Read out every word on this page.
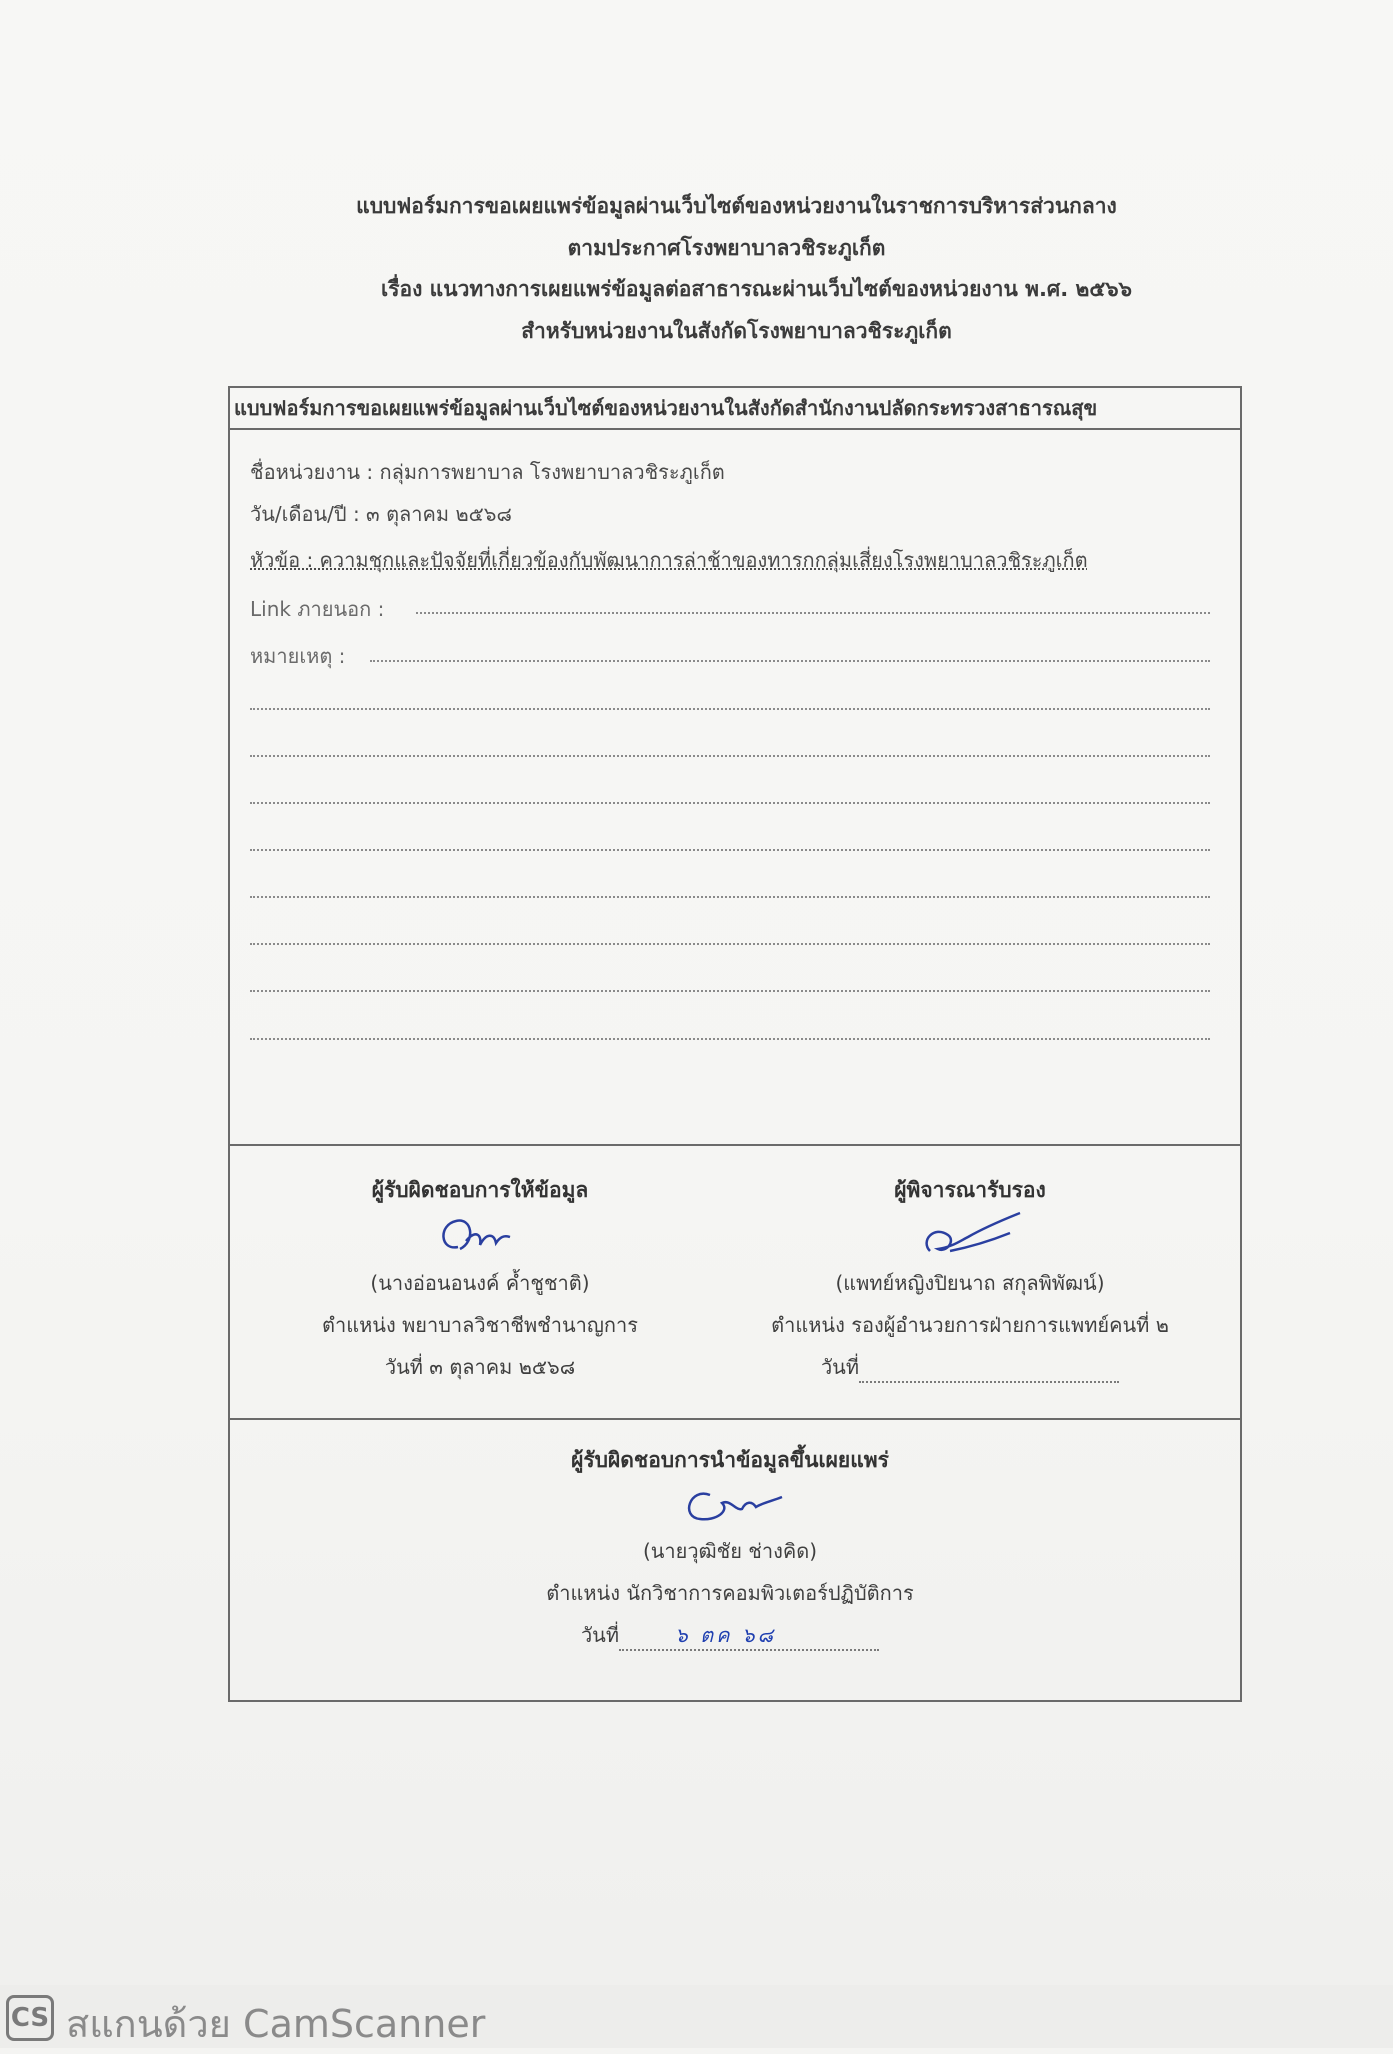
แบบฟอร์มการขอเผยแพร่ข้อมูลผ่านเว็บไซต์ของหน่วยงานในราชการบริหารส่วนกลาง
ตามประกาศโรงพยาบาลวชิระภูเก็ต
เรื่อง แนวทางการเผยแพร่ข้อมูลต่อสาธารณะผ่านเว็บไซต์ของหน่วยงาน พ.ศ. ๒๕๖๖
สำหรับหน่วยงานในสังกัดโรงพยาบาลวชิระภูเก็ต
แบบฟอร์มการขอเผยแพร่ข้อมูลผ่านเว็บไซต์ของหน่วยงานในสังกัดสำนักงานปลัดกระทรวงสาธารณสุข
ชื่อหน่วยงาน : กลุ่มการพยาบาล โรงพยาบาลวชิระภูเก็ต
วัน/เดือน/ปี : ๓ ตุลาคม ๒๕๖๘
หัวข้อ : ความชุกและปัจจัยที่เกี่ยวข้องกับพัฒนาการล่าช้าของทารกกลุ่มเสี่ยงโรงพยาบาลวชิระภูเก็ต
Link ภายนอก :
หมายเหตุ :
ผู้รับผิดชอบการให้ข้อมูล
(นางอ่อนอนงค์ ค้ำชูชาติ)
ตำแหน่ง พยาบาลวิชาชีพชำนาญการ
วันที่ ๓ ตุลาคม ๒๕๖๘
ผู้พิจารณารับรอง
(แพทย์หญิงปิยนาถ สกุลพิพัฒน์)
ตำแหน่ง รองผู้อำนวยการฝ่ายการแพทย์คนที่ ๒
วันที่
ผู้รับผิดชอบการนำข้อมูลขึ้นเผยแพร่
(นายวุฒิชัย ช่างคิด)
ตำแหน่ง นักวิชาการคอมพิวเตอร์ปฏิบัติการ
วันที่	๖ ตค ๖๘
CS สแกนด้วย CamScanner
